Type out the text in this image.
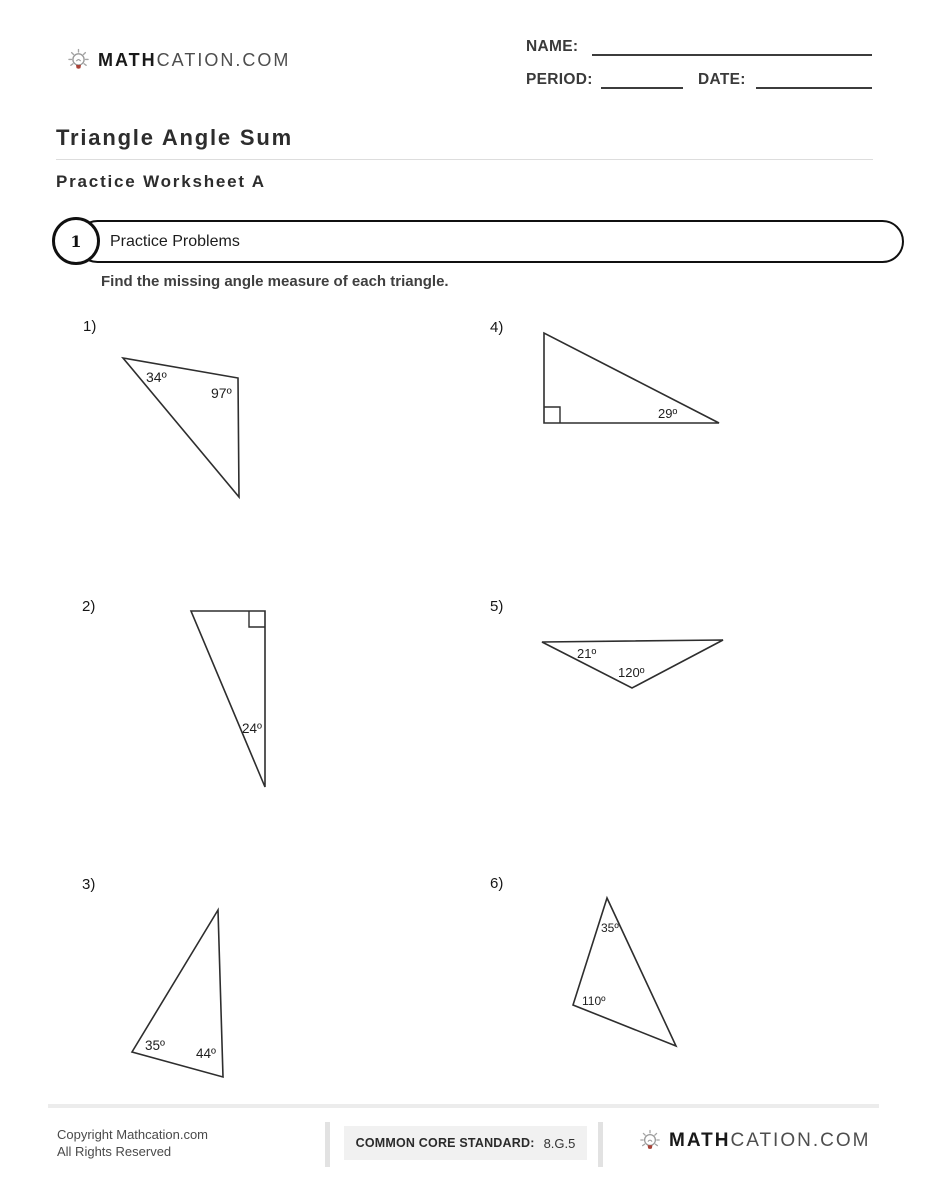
MATHCATION.COM
NAME:
PERIOD:	DATE:
Triangle Angle Sum
Practice Worksheet A
Practice Problems
1
Find the missing angle measure of each triangle.
1)
34º
97º
2)
24º
3)
35º
44º
4)
29º
5)
21º
120º
6)
35º
110º
Copyright Mathcation.com
All Rights Reserved
COMMON CORE STANDARD: 8.G.5	MATHCATION.COM
